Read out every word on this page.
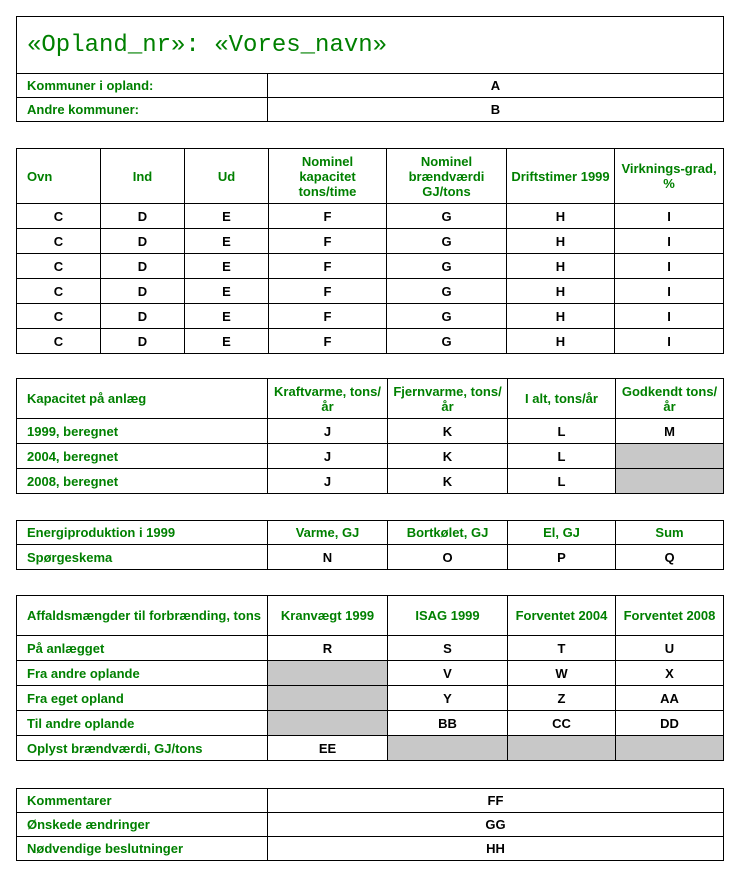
«Opland_nr»: «Vores_navn»	
Kommuner i opland:	A
Andre kommuner:	B
Ovn	Ind	Ud	Nominel kapacitet tons/time	Nominel brændværdi GJ/tons	Driftstimer 1999	Virknings-grad, %
C	D	E	F	G	H	I
C	D	E	F	G	H	I
C	D	E	F	G	H	I
C	D	E	F	G	H	I
C	D	E	F	G	H	I
C	D	E	F	G	H	I
Kapacitet på anlæg	Kraftvarme, tons/år	Fjernvarme, tons/år	I alt, tons/år	Godkendt tons/år
1999, beregnet	J	K	L	M
2004, beregnet	J	K	L	
2008, beregnet	J	K	L	
Energiproduktion i 1999	Varme, GJ	Bortkølet, GJ	El, GJ	Sum
Spørgeskema	N	O	P	Q
Affaldsmængder til forbrænding, tons	Kranvægt 1999	ISAG 1999	Forventet 2004	Forventet 2008
På anlægget	R	S	T	U
Fra andre oplande		V	W	X
Fra eget opland		Y	Z	AA
Til andre oplande		BB	CC	DD
Oplyst brændværdi, GJ/tons	EE			
Kommentarer	FF
Ønskede ændringer	GG
Nødvendige beslutninger	HH
